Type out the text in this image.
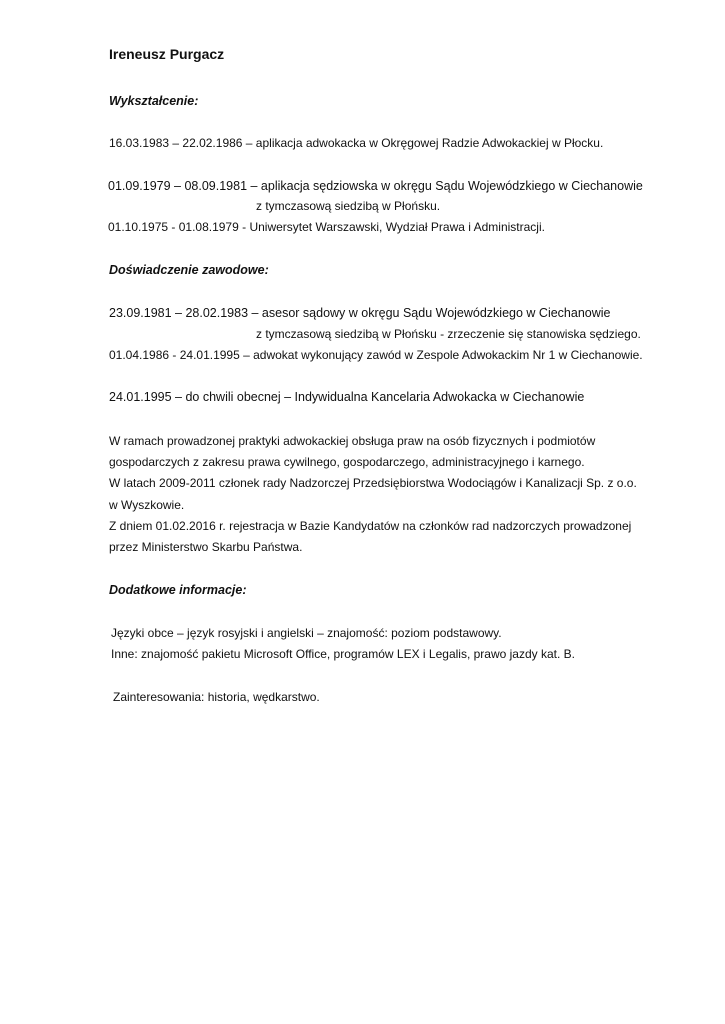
Ireneusz Purgacz
Wykształcenie:
16.03.1983 – 22.02.1986 – aplikacja adwokacka w Okręgowej Radzie Adwokackiej w Płocku.
01.09.1979 – 08.09.1981 – aplikacja sędziowska w okręgu Sądu Wojewódzkiego w Ciechanowie
z tymczasową siedzibą w Płońsku.
01.10.1975 - 01.08.1979 - Uniwersytet Warszawski, Wydział Prawa i Administracji.
Doświadczenie zawodowe:
23.09.1981 – 28.02.1983 – asesor sądowy w okręgu Sądu Wojewódzkiego w Ciechanowie
z tymczasową siedzibą w Płońsku - zrzeczenie się stanowiska sędziego.
01.04.1986 - 24.01.1995 – adwokat wykonujący zawód w Zespole Adwokackim Nr 1 w Ciechanowie.
24.01.1995 – do chwili obecnej – Indywidualna Kancelaria Adwokacka w Ciechanowie
W ramach prowadzonej praktyki adwokackiej obsługa praw na osób fizycznych i podmiotów
gospodarczych z zakresu prawa cywilnego, gospodarczego, administracyjnego i karnego.
W latach 2009-2011 członek rady Nadzorczej Przedsiębiorstwa Wodociągów i Kanalizacji Sp. z o.o.
w Wyszkowie.
Z dniem 01.02.2016 r. rejestracja w Bazie Kandydatów na członków rad nadzorczych prowadzonej
przez Ministerstwo Skarbu Państwa.
Dodatkowe informacje:
Języki obce – język rosyjski i angielski – znajomość: poziom podstawowy.
Inne: znajomość pakietu Microsoft Office, programów LEX i Legalis, prawo jazdy kat. B.
Zainteresowania: historia, wędkarstwo.
